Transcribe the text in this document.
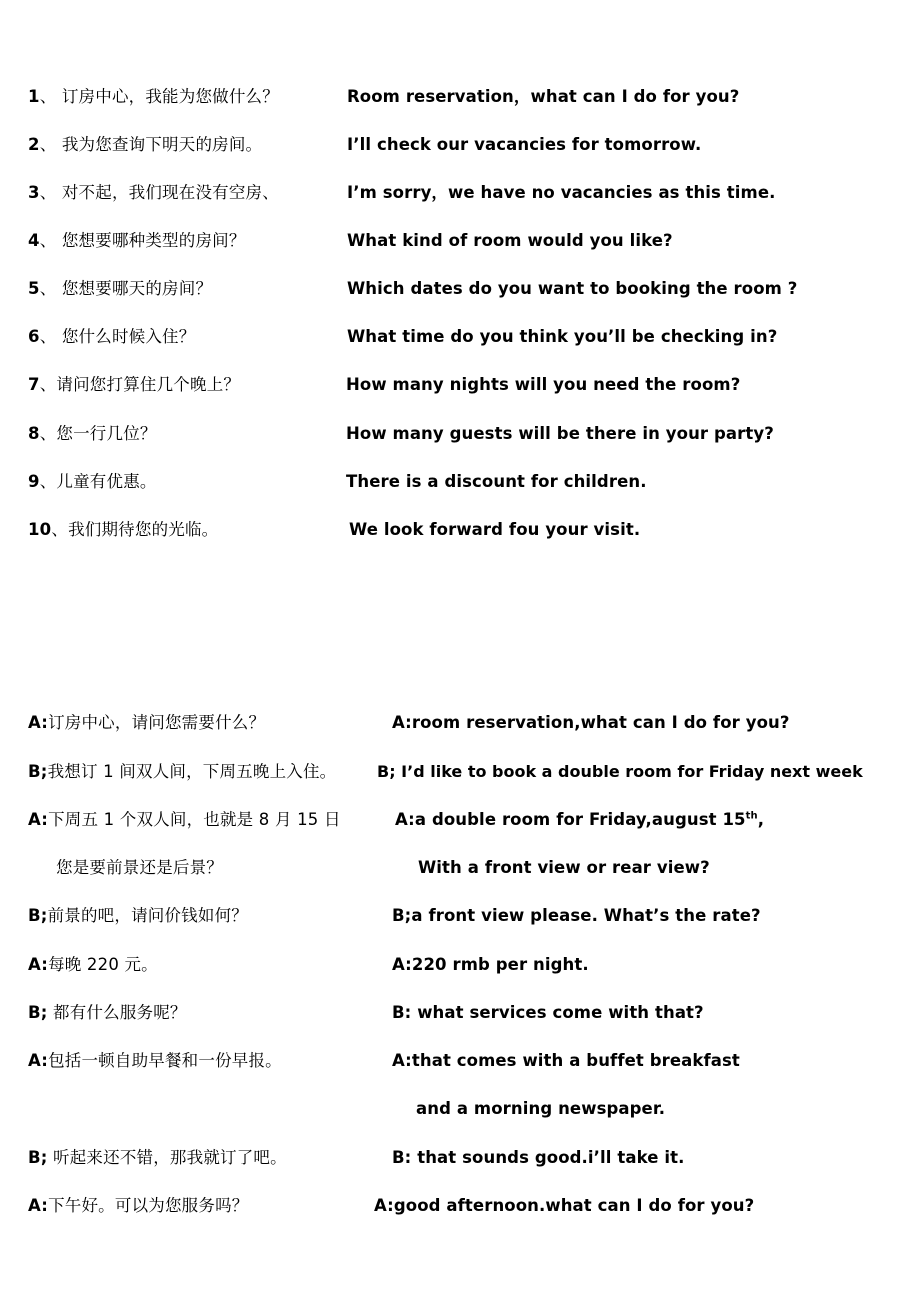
1、 订房中心，我能为您做什么？	Room reservation，what can I do for you?
2、 我为您查询下明天的房间。	I’ll check our vacancies for tomorrow.
3、 对不起，我们现在没有空房、	I’m sorry，we have no vacancies as this time.
4、 您想要哪种类型的房间？	What kind of room would you like?
5、 您想要哪天的房间？	Which dates do you want to booking the room ?
6、 您什么时候入住？	What time do you think you’ll be checking in?
7、请问您打算住几个晚上？	How many nights will you need the room?
8、您一行几位？	How many guests will be there in your party?
9、儿童有优惠。	There is a discount for children.
10、我们期待您的光临。	We look forward fou your visit.
A:订房中心，请问您需要什么？	A:room reservation,what can I do for you?
B;我想订 1 间双人间，下周五晚上入住。	B; I’d like to book a double room for Friday next week
A:下周五 1 个双人间，也就是 8 月 15 日	A:a double room for Friday,august 15th,
您是要前景还是后景？	With a front view or rear view?
B;前景的吧，请问价钱如何？	B;a front view please. What’s the rate?
A:每晚 220 元。	A:220 rmb per night.
B; 都有什么服务呢？	B: what services come with that?
A:包括一顿自助早餐和一份早报。	A:that comes with a buffet breakfast
and a morning newspaper.
B; 听起来还不错，那我就订了吧。	B: that sounds good.i’ll take it.
A:下午好。可以为您服务吗？	A:good afternoon.what can I do for you?
